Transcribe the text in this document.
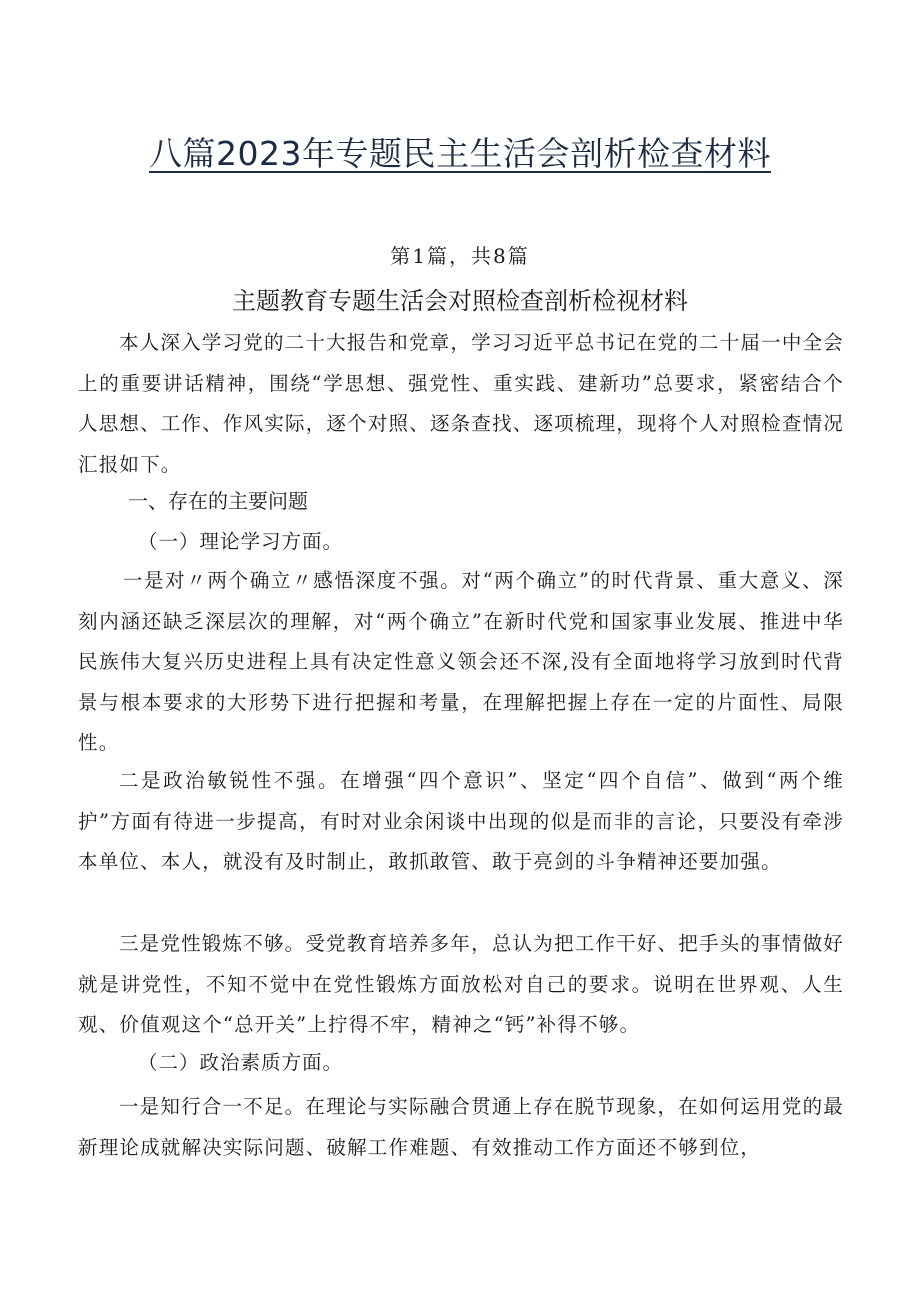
八篇2023年专题民主生活会剖析检查材料
第1篇，共8篇
主题教育专题生活会对照检查剖析检视材料
本人深入学习党的二十大报告和党章，学习习近平总书记在党的二十届一中全会上的重要讲话精神，围绕“学思想、强党性、重实践、建新功”总要求，紧密结合个人思想、工作、作风实际，逐个对照、逐条查找、逐项梳理，现将个人对照检查情况汇报如下。
一、存在的主要问题
（一）理论学习方面。
一是对〃两个确立〃感悟深度不强。对“两个确立”的时代背景、重大意义、深刻内涵还缺乏深层次的理解，对“两个确立”在新时代党和国家事业发展、推进中华民族伟大复兴历史进程上具有决定性意义领会还不深,没有全面地将学习放到时代背景与根本要求的大形势下进行把握和考量，在理解把握上存在一定的片面性、局限性。
二是政治敏锐性不强。在增强“四个意识”、坚定“四个自信”、做到“两个维护”方面有待进一步提高，有时对业余闲谈中出现的似是而非的言论，只要没有牵涉本单位、本人，就没有及时制止，敢抓敢管、敢于亮剑的斗争精神还要加强。
三是党性锻炼不够。受党教育培养多年，总认为把工作干好、把手头的事情做好就是讲党性，不知不觉中在党性锻炼方面放松对自己的要求。说明在世界观、人生观、价值观这个“总开关”上拧得不牢，精神之“钙”补得不够。
（二）政治素质方面。
一是知行合一不足。在理论与实际融合贯通上存在脱节现象，在如何运用党的最新理论成就解决实际问题、破解工作难题、有效推动工作方面还不够到位，
